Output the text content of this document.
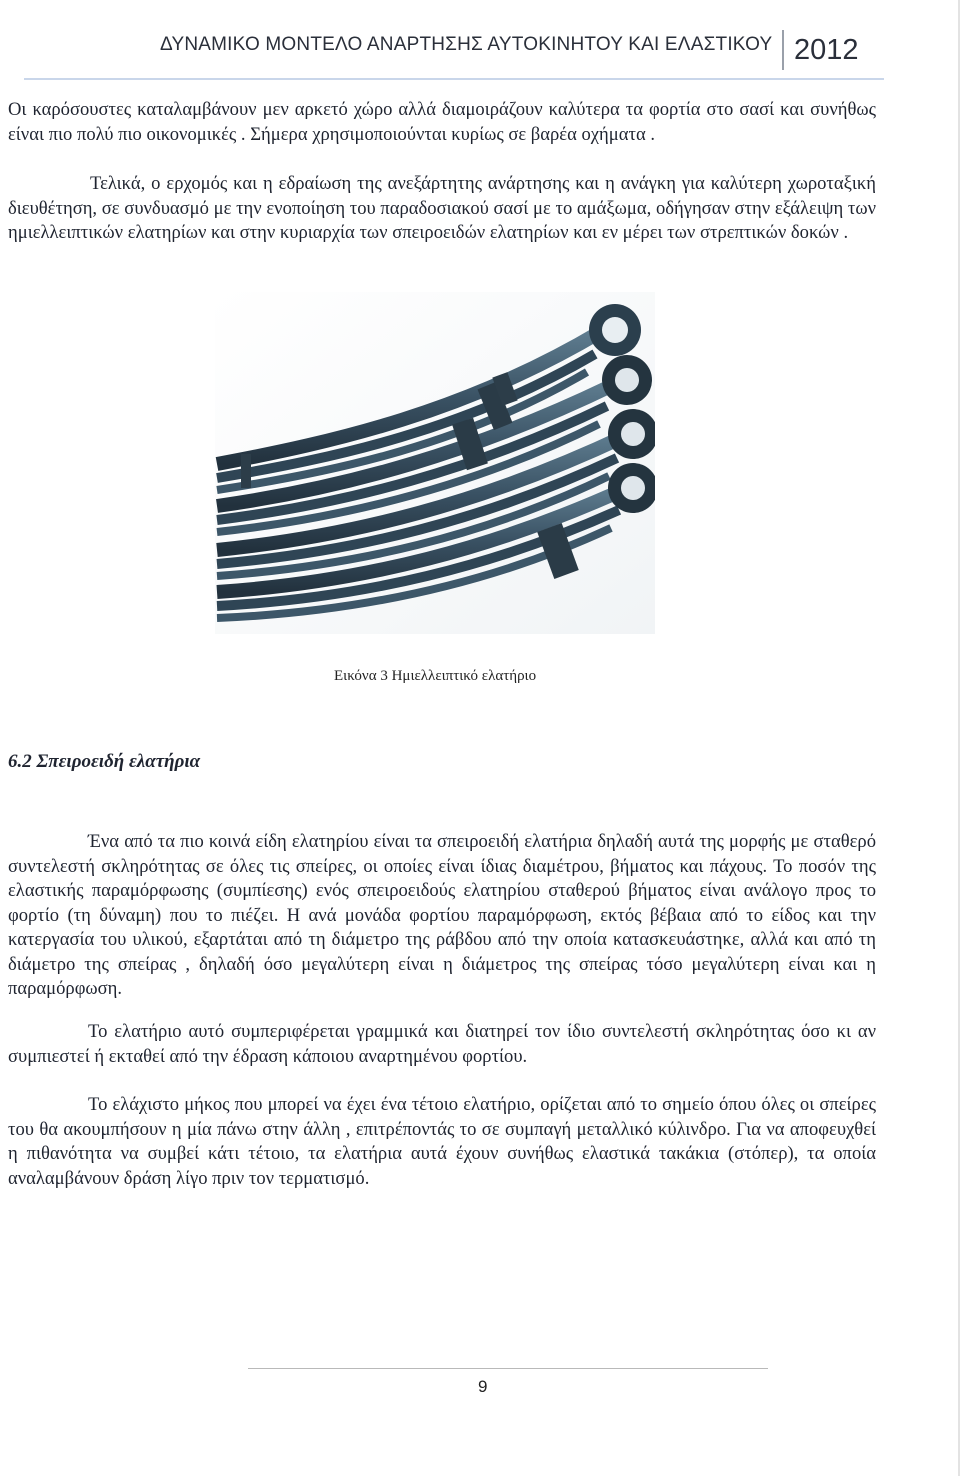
ΔΥΝΑΜΙΚΟ ΜΟΝΤΕΛΟ ΑΝΑΡΤΗΣΗΣ ΑΥΤΟΚΙΝΗΤΟΥ ΚΑΙ ΕΛΑΣΤΙΚΟΥ 2012

Οι καρόσουστες καταλαμβάνουν μεν αρκετό χώρο αλλά διαμοιράζουν καλύτερα τα φορτία στο σασί και συνήθως είναι πιο πολύ πιο οικονομικές . Σήμερα χρησιμοποιούνται κυρίως σε βαρέα οχήματα .

Τελικά, ο ερχομός και η εδραίωση της ανεξάρτητης ανάρτησης και η ανάγκη για καλύτερη χωροταξική διευθέτηση, σε συνδυασμό με την ενοποίηση του παραδοσιακού σασί με το αμάξωμα, οδήγησαν στην εξάλειψη των ημιελλειπτικών ελατηρίων και στην κυριαρχία των σπειροειδών ελατηρίων και εν μέρει των στρεπτικών δοκών .

Εικόνα 3 Ημιελλειπτικό ελατήριο
6.2 Σπειροειδή ελατήρια

Ένα από τα πιο κοινά είδη ελατηρίου είναι τα σπειροειδή ελατήρια δηλαδή αυτά της μορφής με σταθερό συντελεστή σκληρότητας σε όλες τις σπείρες, οι οποίες είναι ίδιας διαμέτρου, βήματος και πάχους. Το ποσόν της ελαστικής παραμόρφωσης (συμπίεσης) ενός σπειροειδούς ελατηρίου σταθερού βήματος είναι ανάλογο προς το φορτίο (τη δύναμη) που το πιέζει. Η ανά μονάδα φορτίου παραμόρφωση, εκτός βέβαια από το είδος και την κατεργασία του υλικού, εξαρτάται από τη διάμετρο της ράβδου από την οποία κατασκευάστηκε, αλλά και από τη διάμετρο της σπείρας , δηλαδή όσο μεγαλύτερη είναι η διάμετρος της σπείρας τόσο μεγαλύτερη είναι και η παραμόρφωση.

Το ελατήριο αυτό συμπεριφέρεται γραμμικά και διατηρεί τον ίδιο συντελεστή σκληρότητας όσο κι αν συμπιεστεί ή εκταθεί από την έδραση κάποιου αναρτημένου φορτίου.

Το ελάχιστο μήκος που μπορεί να έχει ένα τέτοιο ελατήριο, ορίζεται από το σημείο όπου όλες οι σπείρες του θα ακουμπήσουν η μία πάνω στην άλλη , επιτρέποντάς το σε συμπαγή μεταλλικό κύλινδρο. Για να αποφευχθεί η πιθανότητα να συμβεί κάτι τέτοιο, τα ελατήρια αυτά έχουν συνήθως ελαστικά τακάκια (στόπερ), τα οποία αναλαμβάνουν δράση λίγο πριν τον τερματισμό.

9
